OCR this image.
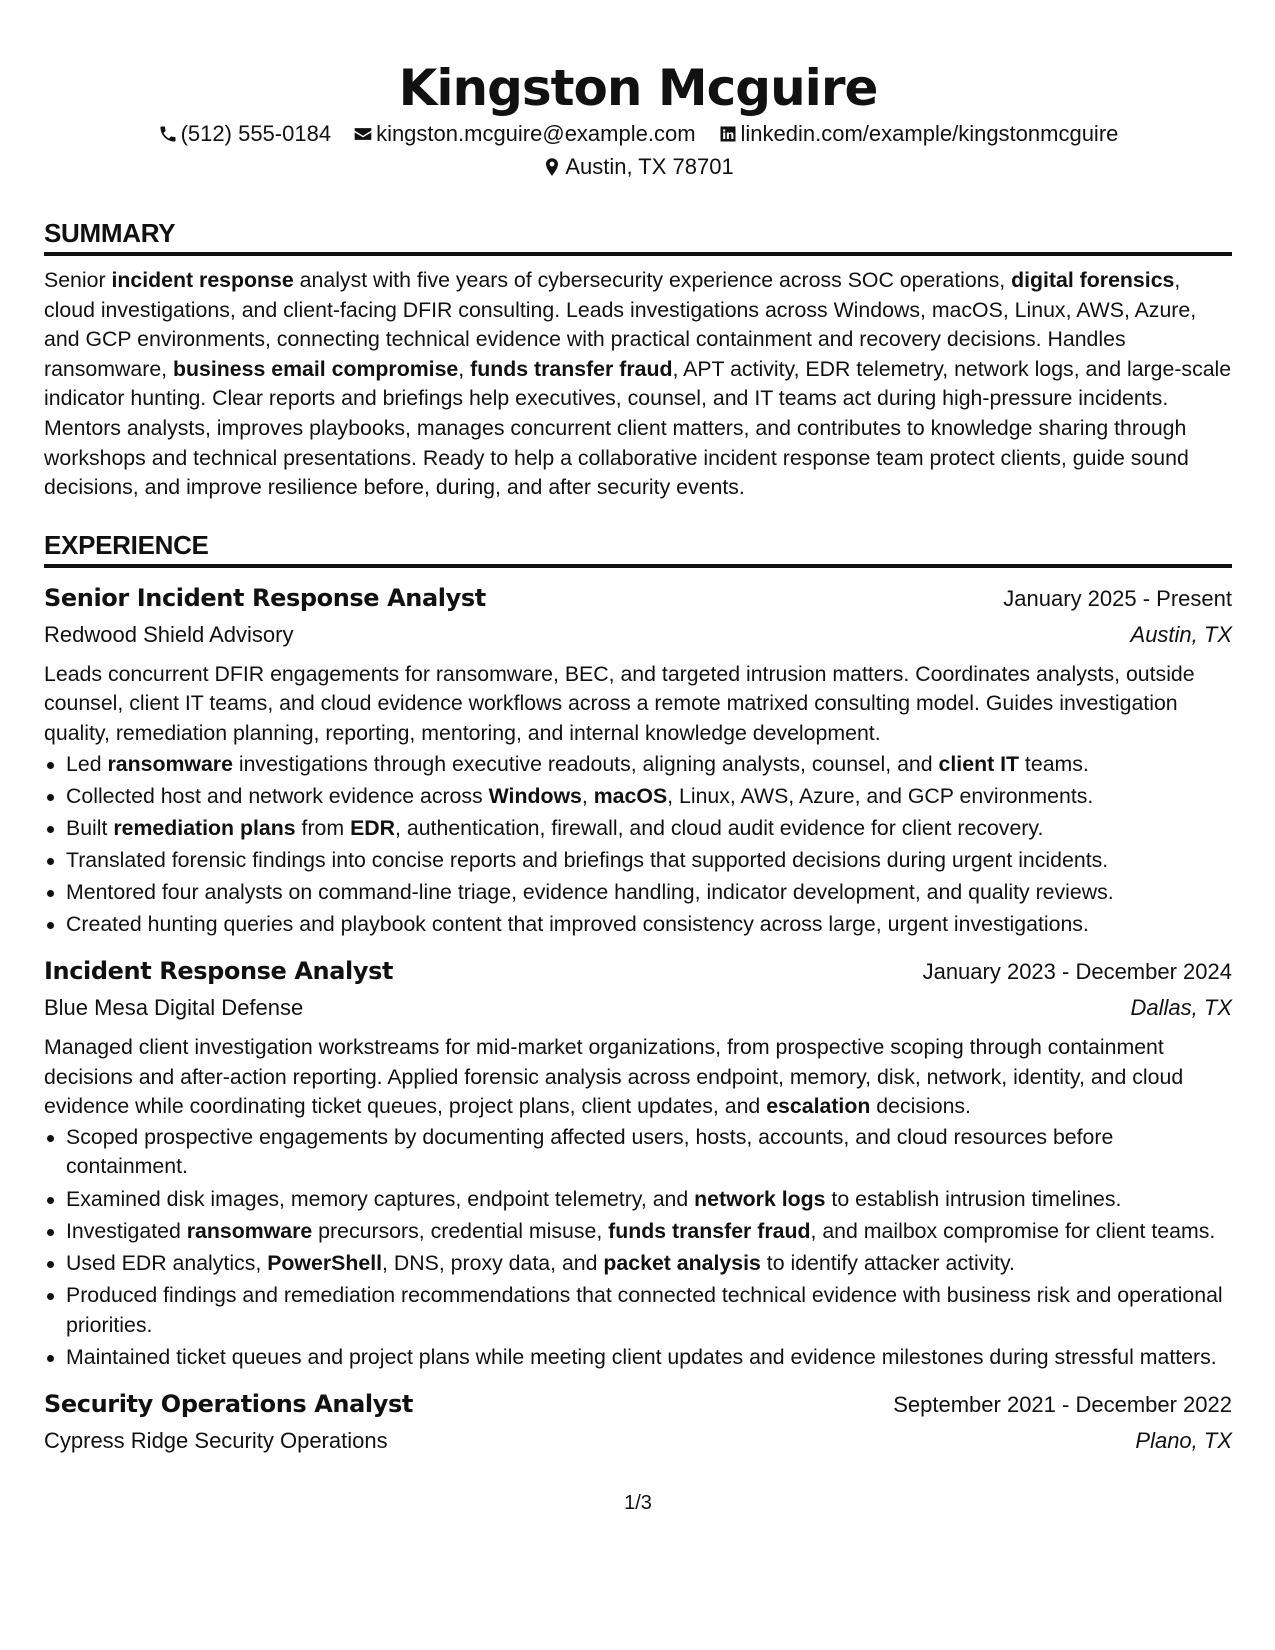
Kingston Mcguire
(512) 555-0184 kingston.mcguire@example.com linkedin.com/example/kingstonmcguire
Austin, TX 78701
SUMMARY
Senior incident response analyst with five years of cybersecurity experience across SOC operations, digital forensics, cloud investigations, and client-facing DFIR consulting. Leads investigations across Windows, macOS, Linux, AWS, Azure, and GCP environments, connecting technical evidence with practical containment and recovery decisions. Handles ransomware, business email compromise, funds transfer fraud, APT activity, EDR telemetry, network logs, and large-scale indicator hunting. Clear reports and briefings help executives, counsel, and IT teams act during high-pressure incidents. Mentors analysts, improves playbooks, manages concurrent client matters, and contributes to knowledge sharing through workshops and technical presentations. Ready to help a collaborative incident response team protect clients, guide sound decisions, and improve resilience before, during, and after security events.
EXPERIENCE
Senior Incident Response Analyst	January 2025 - Present
Redwood Shield Advisory	Austin, TX
Leads concurrent DFIR engagements for ransomware, BEC, and targeted intrusion matters. Coordinates analysts, outside counsel, client IT teams, and cloud evidence workflows across a remote matrixed consulting model. Guides investigation quality, remediation planning, reporting, mentoring, and internal knowledge development.
Led ransomware investigations through executive readouts, aligning analysts, counsel, and client IT teams.
Collected host and network evidence across Windows, macOS, Linux, AWS, Azure, and GCP environments.
Built remediation plans from EDR, authentication, firewall, and cloud audit evidence for client recovery.
Translated forensic findings into concise reports and briefings that supported decisions during urgent incidents.
Mentored four analysts on command-line triage, evidence handling, indicator development, and quality reviews.
Created hunting queries and playbook content that improved consistency across large, urgent investigations.
Incident Response Analyst	January 2023 - December 2024
Blue Mesa Digital Defense	Dallas, TX
Managed client investigation workstreams for mid-market organizations, from prospective scoping through containment decisions and after-action reporting. Applied forensic analysis across endpoint, memory, disk, network, identity, and cloud evidence while coordinating ticket queues, project plans, client updates, and escalation decisions.
Scoped prospective engagements by documenting affected users, hosts, accounts, and cloud resources before containment.
Examined disk images, memory captures, endpoint telemetry, and network logs to establish intrusion timelines.
Investigated ransomware precursors, credential misuse, funds transfer fraud, and mailbox compromise for client teams.
Used EDR analytics, PowerShell, DNS, proxy data, and packet analysis to identify attacker activity.
Produced findings and remediation recommendations that connected technical evidence with business risk and operational priorities.
Maintained ticket queues and project plans while meeting client updates and evidence milestones during stressful matters.
Security Operations Analyst	September 2021 - December 2022
Cypress Ridge Security Operations	Plano, TX
1/3
